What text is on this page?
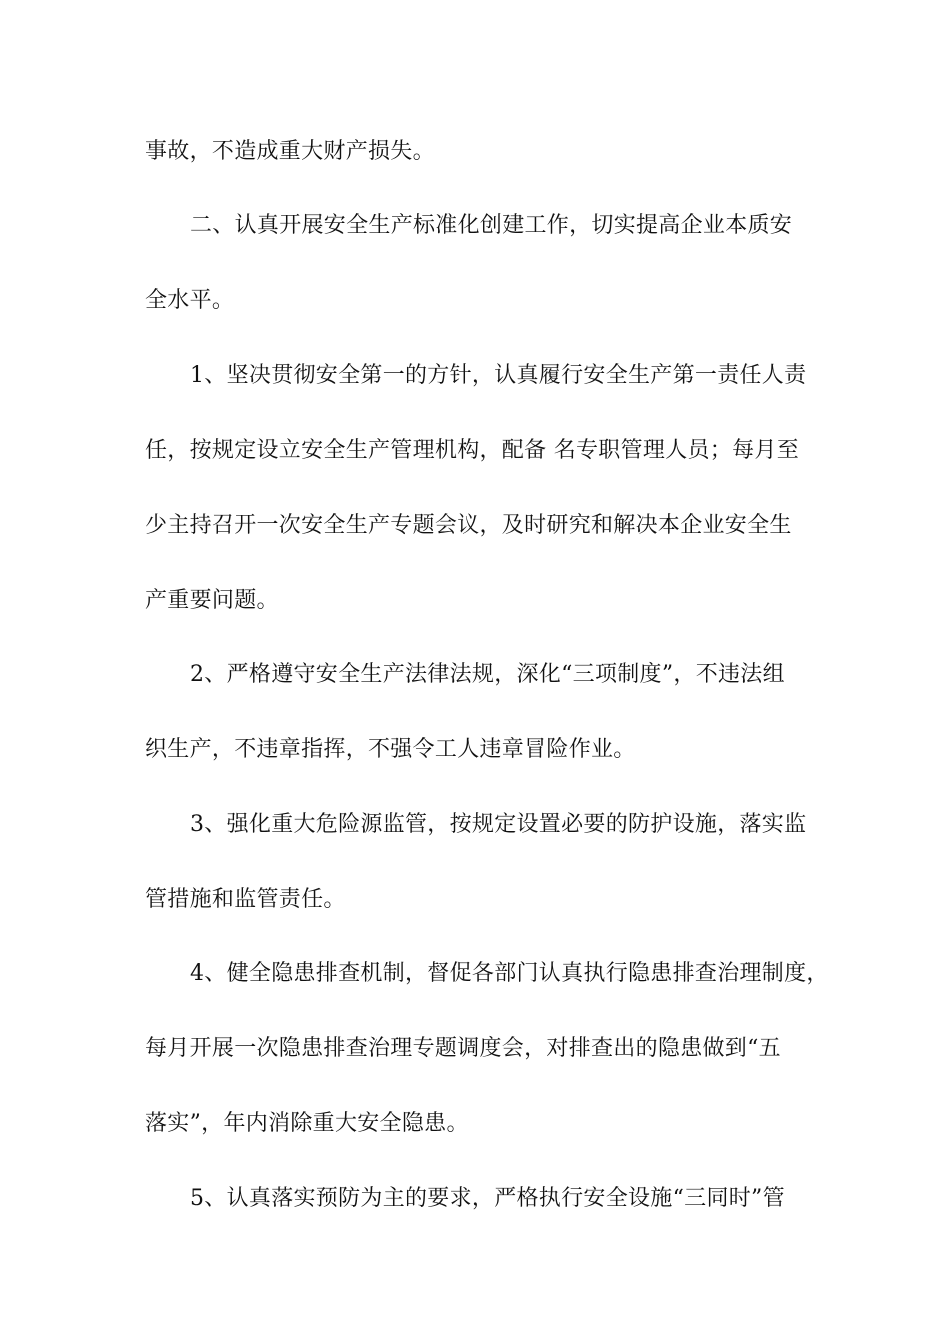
事故，不造成重大财产损失。
二、认真开展安全生产标准化创建工作，切实提高企业本质安
全水平。
1、坚决贯彻安全第一的方针，认真履行安全生产第一责任人责
任，按规定设立安全生产管理机构，配备 名专职管理人员；每月至
少主持召开一次安全生产专题会议，及时研究和解决本企业安全生
产重要问题。
2、严格遵守安全生产法律法规，深化“三项制度”，不违法组
织生产，不违章指挥，不强令工人违章冒险作业。
3、强化重大危险源监管，按规定设置必要的防护设施，落实监
管措施和监管责任。
4、健全隐患排查机制，督促各部门认真执行隐患排查治理制度，
每月开展一次隐患排查治理专题调度会，对排查出的隐患做到“五
落实”，年内消除重大安全隐患。
5、认真落实预防为主的要求，严格执行安全设施“三同时”管
